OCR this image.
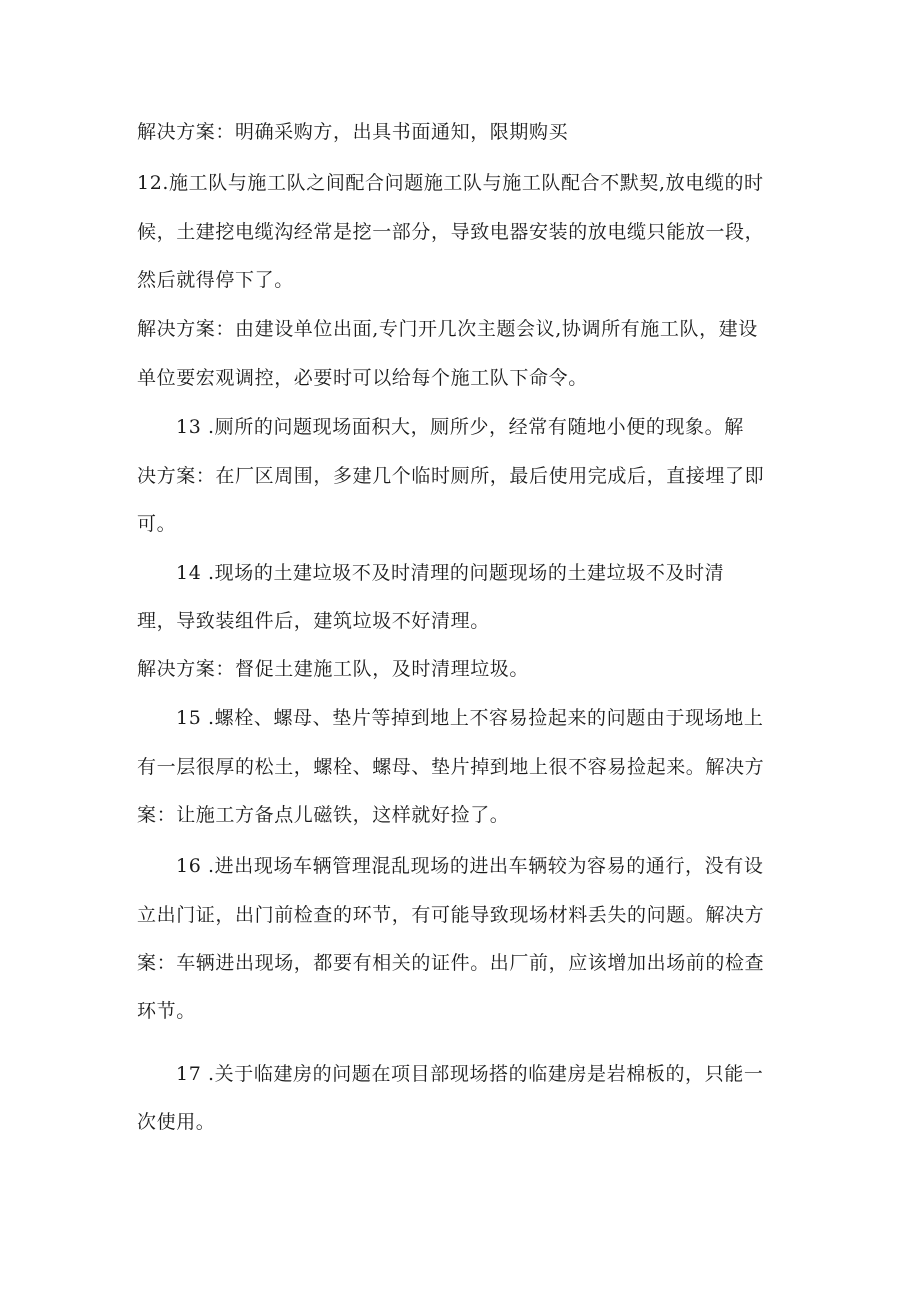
解决方案：明确采购方，出具书面通知，限期购买
12.施工队与施工队之间配合问题施工队与施工队配合不默契,放电缆的时
候，土建挖电缆沟经常是挖一部分，导致电器安装的放电缆只能放一段，
然后就得停下了。
解决方案：由建设单位出面,专门开几次主题会议,协调所有施工队，建设
单位要宏观调控，必要时可以给每个施工队下命令。
13 .厕所的问题现场面积大，厕所少，经常有随地小便的现象。解
决方案：在厂区周围，多建几个临时厕所，最后使用完成后，直接埋了即
可。
14 .现场的土建垃圾不及时清理的问题现场的土建垃圾不及时清
理，导致装组件后，建筑垃圾不好清理。
解决方案：督促土建施工队，及时清理垃圾。
15 .螺栓、螺母、垫片等掉到地上不容易捡起来的问题由于现场地上
有一层很厚的松土，螺栓、螺母、垫片掉到地上很不容易捡起来。解决方
案：让施工方备点儿磁铁，这样就好捡了。
16 .进出现场车辆管理混乱现场的进出车辆较为容易的通行，没有设
立出门证，出门前检查的环节，有可能导致现场材料丢失的问题。解决方
案：车辆进出现场，都要有相关的证件。出厂前，应该增加出场前的检查
环节。
17 .关于临建房的问题在项目部现场搭的临建房是岩棉板的，只能一
次使用。
